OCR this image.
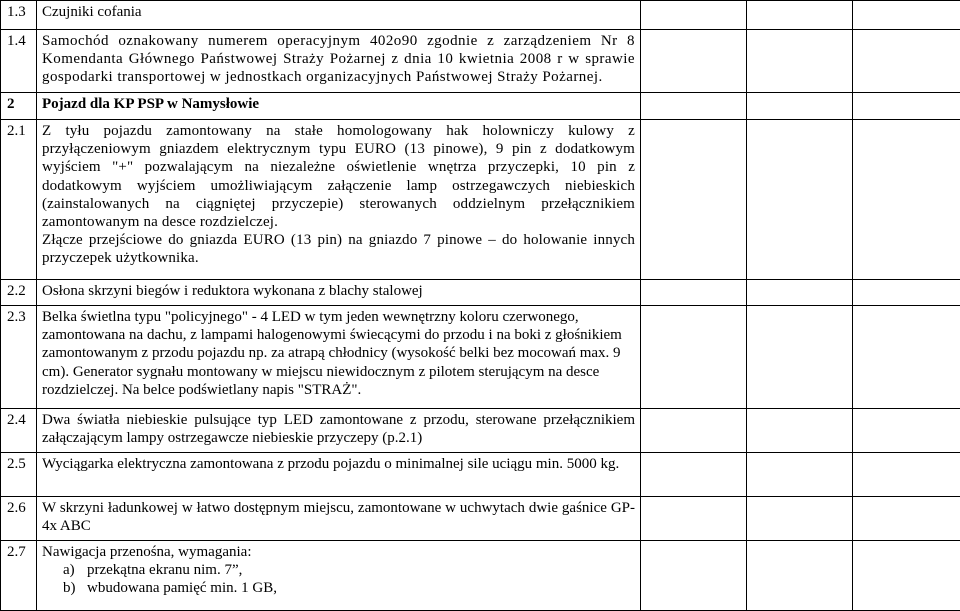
1.3	Czujniki cofania			
1.4	Samochód oznakowany numerem operacyjnym 402o90 zgodnie z zarządzeniem Nr 8 Komendanta Głównego Państwowej Straży Pożarnej z dnia 10 kwietnia 2008 r w sprawie gospodarki transportowej w jednostkach organizacyjnych Państwowej Straży Pożarnej.			
2	Pojazd dla KP PSP w Namysłowie			
2.1	Z tyłu pojazdu zamontowany na stałe homologowany hak holowniczy kulowy z przyłączeniowym gniazdem elektrycznym typu EURO (13 pinowe), 9 pin z dodatkowym wyjściem "+" pozwalającym na niezależne oświetlenie wnętrza przyczepki, 10 pin z dodatkowym wyjściem umożliwiającym załączenie lamp ostrzegawczych niebieskich (zainstalowanych na ciągniętej przyczepie) sterowanych oddzielnym przełącznikiem zamontowanym na desce rozdzielczej.
Złącze przejściowe do gniazda EURO (13 pin) na gniazdo 7 pinowe – do holowanie innych przyczepek użytkownika.			

2.2	Osłona skrzyni biegów i reduktora wykonana z blachy stalowej			
2.3	Belka świetlna typu "policyjnego" - 4 LED w tym jeden wewnętrzny koloru czerwonego, zamontowana na dachu, z lampami halogenowymi świecącymi do przodu i na boki z głośnikiem zamontowanym z przodu pojazdu np. za atrapą chłodnicy (wysokość belki bez mocowań max. 9 cm). Generator sygnału montowany w miejscu niewidocznym z pilotem sterującym na desce rozdzielczej. Na belce podświetlany napis "STRAŻ".			
2.4	Dwa światła niebieskie pulsujące typ LED zamontowane z przodu, sterowane przełącznikiem załączającym lampy ostrzegawcze niebieskie przyczepy (p.2.1)			
2.5	Wyciągarka elektryczna zamontowana z przodu pojazdu o minimalnej sile uciągu min. 5000 kg.			
2.6	W skrzyni ładunkowej w łatwo dostępnym miejscu, zamontowane w uchwytach dwie gaśnice GP-4x ABC			
2.7	Nawigacja przenośna, wymagania:
a) przekątna ekranu nim. 7”,
b) wbudowana pamięć min. 1 GB,			
